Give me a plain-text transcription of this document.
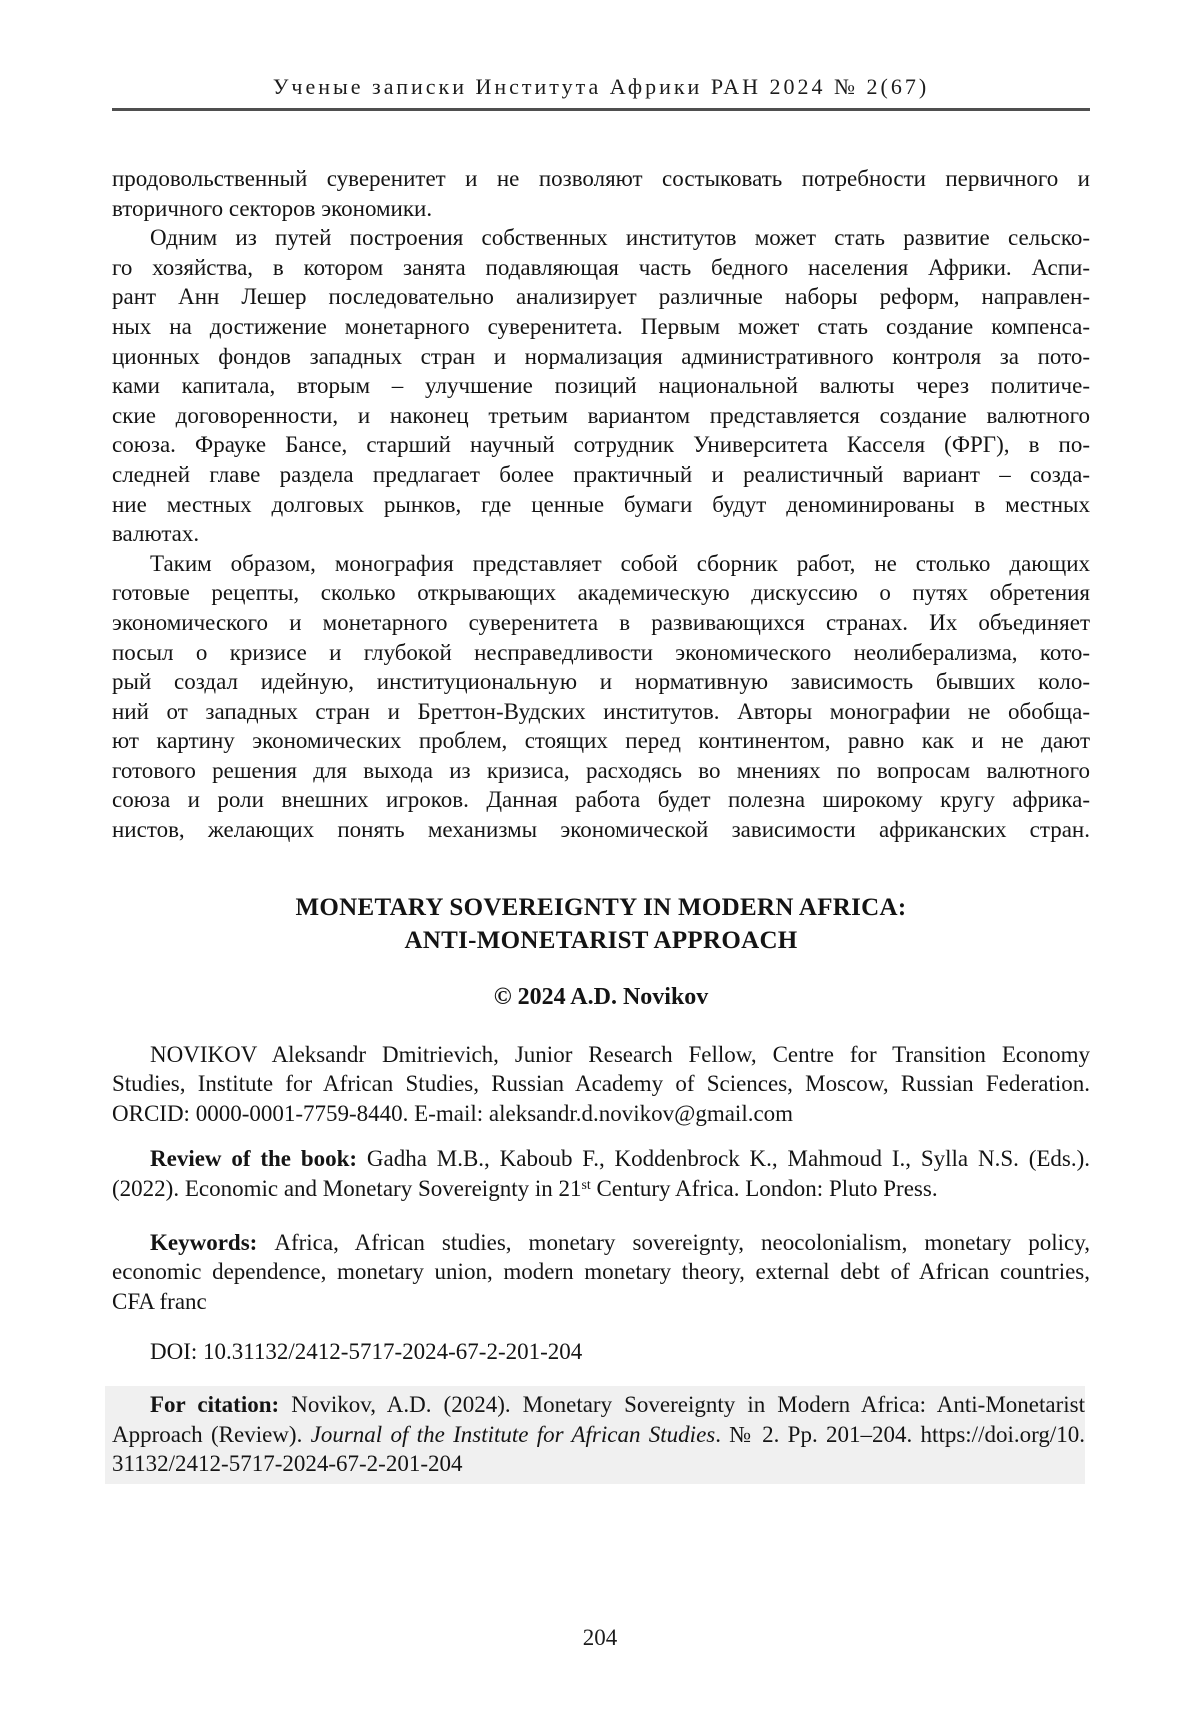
Ученые записки Института Африки РАН 2024 № 2(67)
продовольственный суверенитет и не позволяют состыковать потребности первичного и
вторичного секторов экономики.
Одним из путей построения собственных институтов может стать развитие сельско-
го хозяйства, в котором занята подавляющая часть бедного населения Африки. Аспи-
рант Анн Лешер последовательно анализирует различные наборы реформ, направлен-
ных на достижение монетарного суверенитета. Первым может стать создание компенса-
ционных фондов западных стран и нормализация административного контроля за пото-
ками капитала, вторым – улучшение позиций национальной валюты через политиче-
ские договоренности, и наконец третьим вариантом представляется создание валютного
союза. Фрауке Бансе, старший научный сотрудник Университета Касселя (ФРГ), в по-
следней главе раздела предлагает более практичный и реалистичный вариант – созда-
ние местных долговых рынков, где ценные бумаги будут деноминированы в местных
валютах.
Таким образом, монография представляет собой сборник работ, не столько дающих
готовые рецепты, сколько открывающих академическую дискуссию о путях обретения
экономического и монетарного суверенитета в развивающихся странах. Их объединяет
посыл о кризисе и глубокой несправедливости экономического неолиберализма, кото-
рый создал идейную, институциональную и нормативную зависимость бывших коло-
ний от западных стран и Бреттон-Вудских институтов. Авторы монографии не обобща-
ют картину экономических проблем, стоящих перед континентом, равно как и не дают
готового решения для выхода из кризиса, расходясь во мнениях по вопросам валютного
союза и роли внешних игроков. Данная работа будет полезна широкому кругу африка-
нистов, желающих понять механизмы экономической зависимости африканских стран.
MONETARY SOVEREIGNTY IN MODERN AFRICA:
ANTI-MONETARIST APPROACH
© 2024 A.D. Novikov
NOVIKOV Aleksandr Dmitrievich, Junior Research Fellow, Centre for Transition Economy
Studies, Institute for African Studies, Russian Academy of Sciences, Moscow, Russian Federation.
ORCID: 0000-0001-7759-8440. E-mail: aleksandr.d.novikov@gmail.com
Review of the book: Gadha M.B., Kaboub F., Koddenbrock K., Mahmoud I., Sylla N.S. (Eds.).
(2022). Economic and Monetary Sovereignty in 21st Century Africa. London: Pluto Press.
Keywords: Africa, African studies, monetary sovereignty, neocolonialism, monetary policy,
economic dependence, monetary union, modern monetary theory, external debt of African countries,
CFA franc
DOI: 10.31132/2412-5717-2024-67-2-201-204
For citation: Novikov, A.D. (2024). Monetary Sovereignty in Modern Africa: Anti-Monetarist
Approach (Review). Journal of the Institute for African Studies. № 2. Pp. 201–204. https://doi.org/10.
31132/2412-5717-2024-67-2-201-204
204
